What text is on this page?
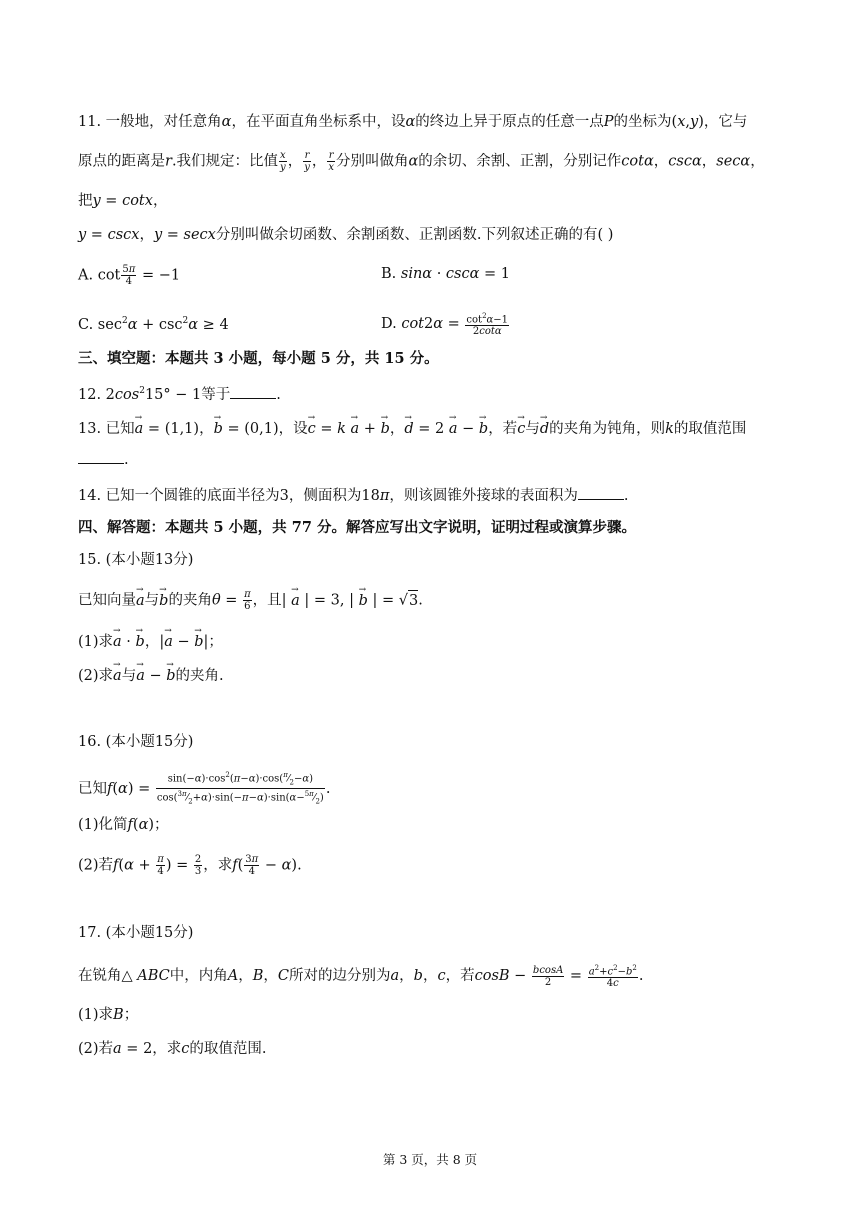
11. 一般地，对任意角α，在平面直角坐标系中，设α的终边上异于原点的任意一点P的坐标为(x,y)，它与
原点的距离是r.我们规定：比值 $\frac{x}{y}$ ， $\frac{r}{y}$ ， $\frac{r}{x}$ 分别叫做角α的余切、余割、正割，分别记作cotα，cscα，secα，
把y = cotx，
y = cscx，y = secx分别叫做余切函数、余割函数、正割函数.下列叙述正确的有( )
A. $\cot \frac{5\pi}{4} = -1$	B. sinα · cscα = 1
C. $\sec^2\alpha + \csc^2\alpha \ge 4$	D. $\cot 2\alpha = \frac{\cot^2\alpha-1}{2\cot\alpha}$
三、填空题：本题共 3 小题，每小题 5 分，共 15 分。
12. $2\cos^215^\circ - 1$等于	.
13. 已知→ a = (1,1)，→ b = (0,1)，设→ c = k → a + → b，→ d = 2 → a − → b，若→ c与→ d的夹角为钝角，则k的取值范围
.
14. 已知一个圆锥的底面半径为3，侧面积为18π，则该圆锥外接球的表面积为	.
四、解答题：本题共 5 小题，共 77 分。解答应写出文字说明，证明过程或演算步骤。
15. (本小题13分)
已知向量→ a与→ b的夹角$\theta = \frac{\pi}{6}$ ，且| → a | = 3, | → b | = √3.
(1)求→ a · → b，|→ a − → b|；
(2)求→ a与→ a − → b的夹角.
16. (本小题15分)
已知$f(\alpha) = \frac{\sin(-\alpha)\cdot\cos^2(\pi-\alpha)\cdot\cos(^\pi⁄_2-\alpha)}{\cos(^{3\pi}⁄_2+\alpha)\cdot\sin(-\pi-\alpha)\cdot\sin(\alpha-^{5\pi}⁄_2)}$ .
(1)化简f(α)；
(2)若$f(\alpha + \frac{\pi}{4}$ ) = $\frac{2}{3}$ ，求$f( \frac{3\pi}{4} - \alpha)$.
17. (本小题15分)
在锐角△ ABC中，内角A，B，C所对的边分别为a，b，c，若$\cos B - \frac{bcosA}{2} = \frac{a^2+c^2-b^2}{4c}$ .
(1)求B；
(2)若a = 2，求c的取值范围.
第 3 页，共 8 页
